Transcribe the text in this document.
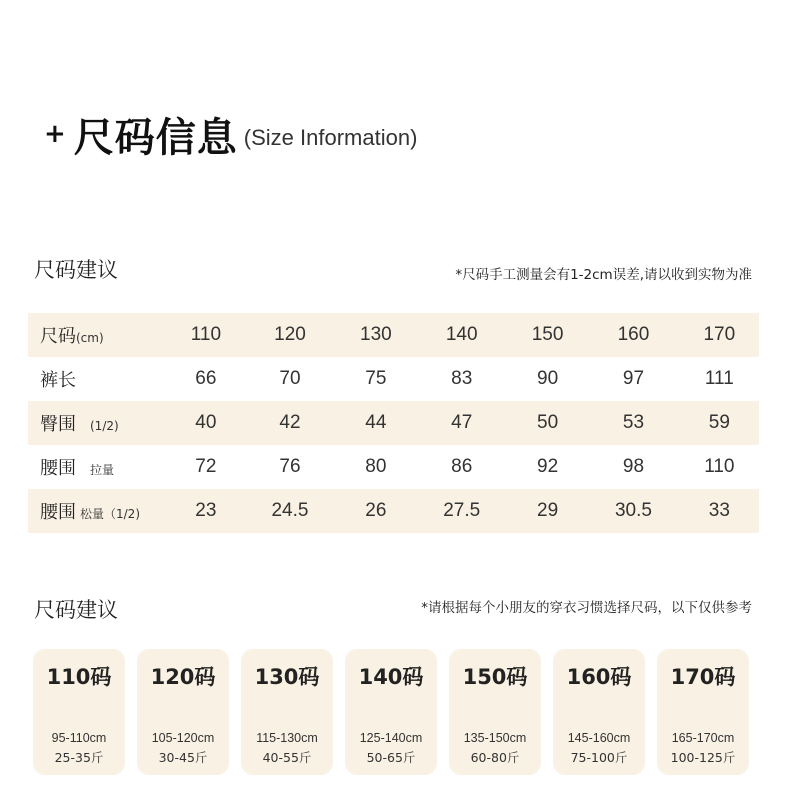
+ 尺码信息 (Size Information)
尺码建议	*尺码手工测量会有1-2cm误差,请以收到实物为准
尺码(cm)	110	120	130	140	150	160	170
裤长	66	70	75	83	90	97	111
臀围 (1/2)	40	42	44	47	50	53	59
腰围 拉量	72	76	80	86	92	98	110
腰围 松量（1/2)	23	24.5	26	27.5	29	30.5	33
尺码建议	*请根据每个小朋友的穿衣习惯选择尺码，以下仅供参考
110码
95-110cm
25-35斤
120码
105-120cm
30-45斤
130码
115-130cm
40-55斤
140码
125-140cm
50-65斤
150码
135-150cm
60-80斤
160码
145-160cm
75-100斤
170码
165-170cm
100-125斤
